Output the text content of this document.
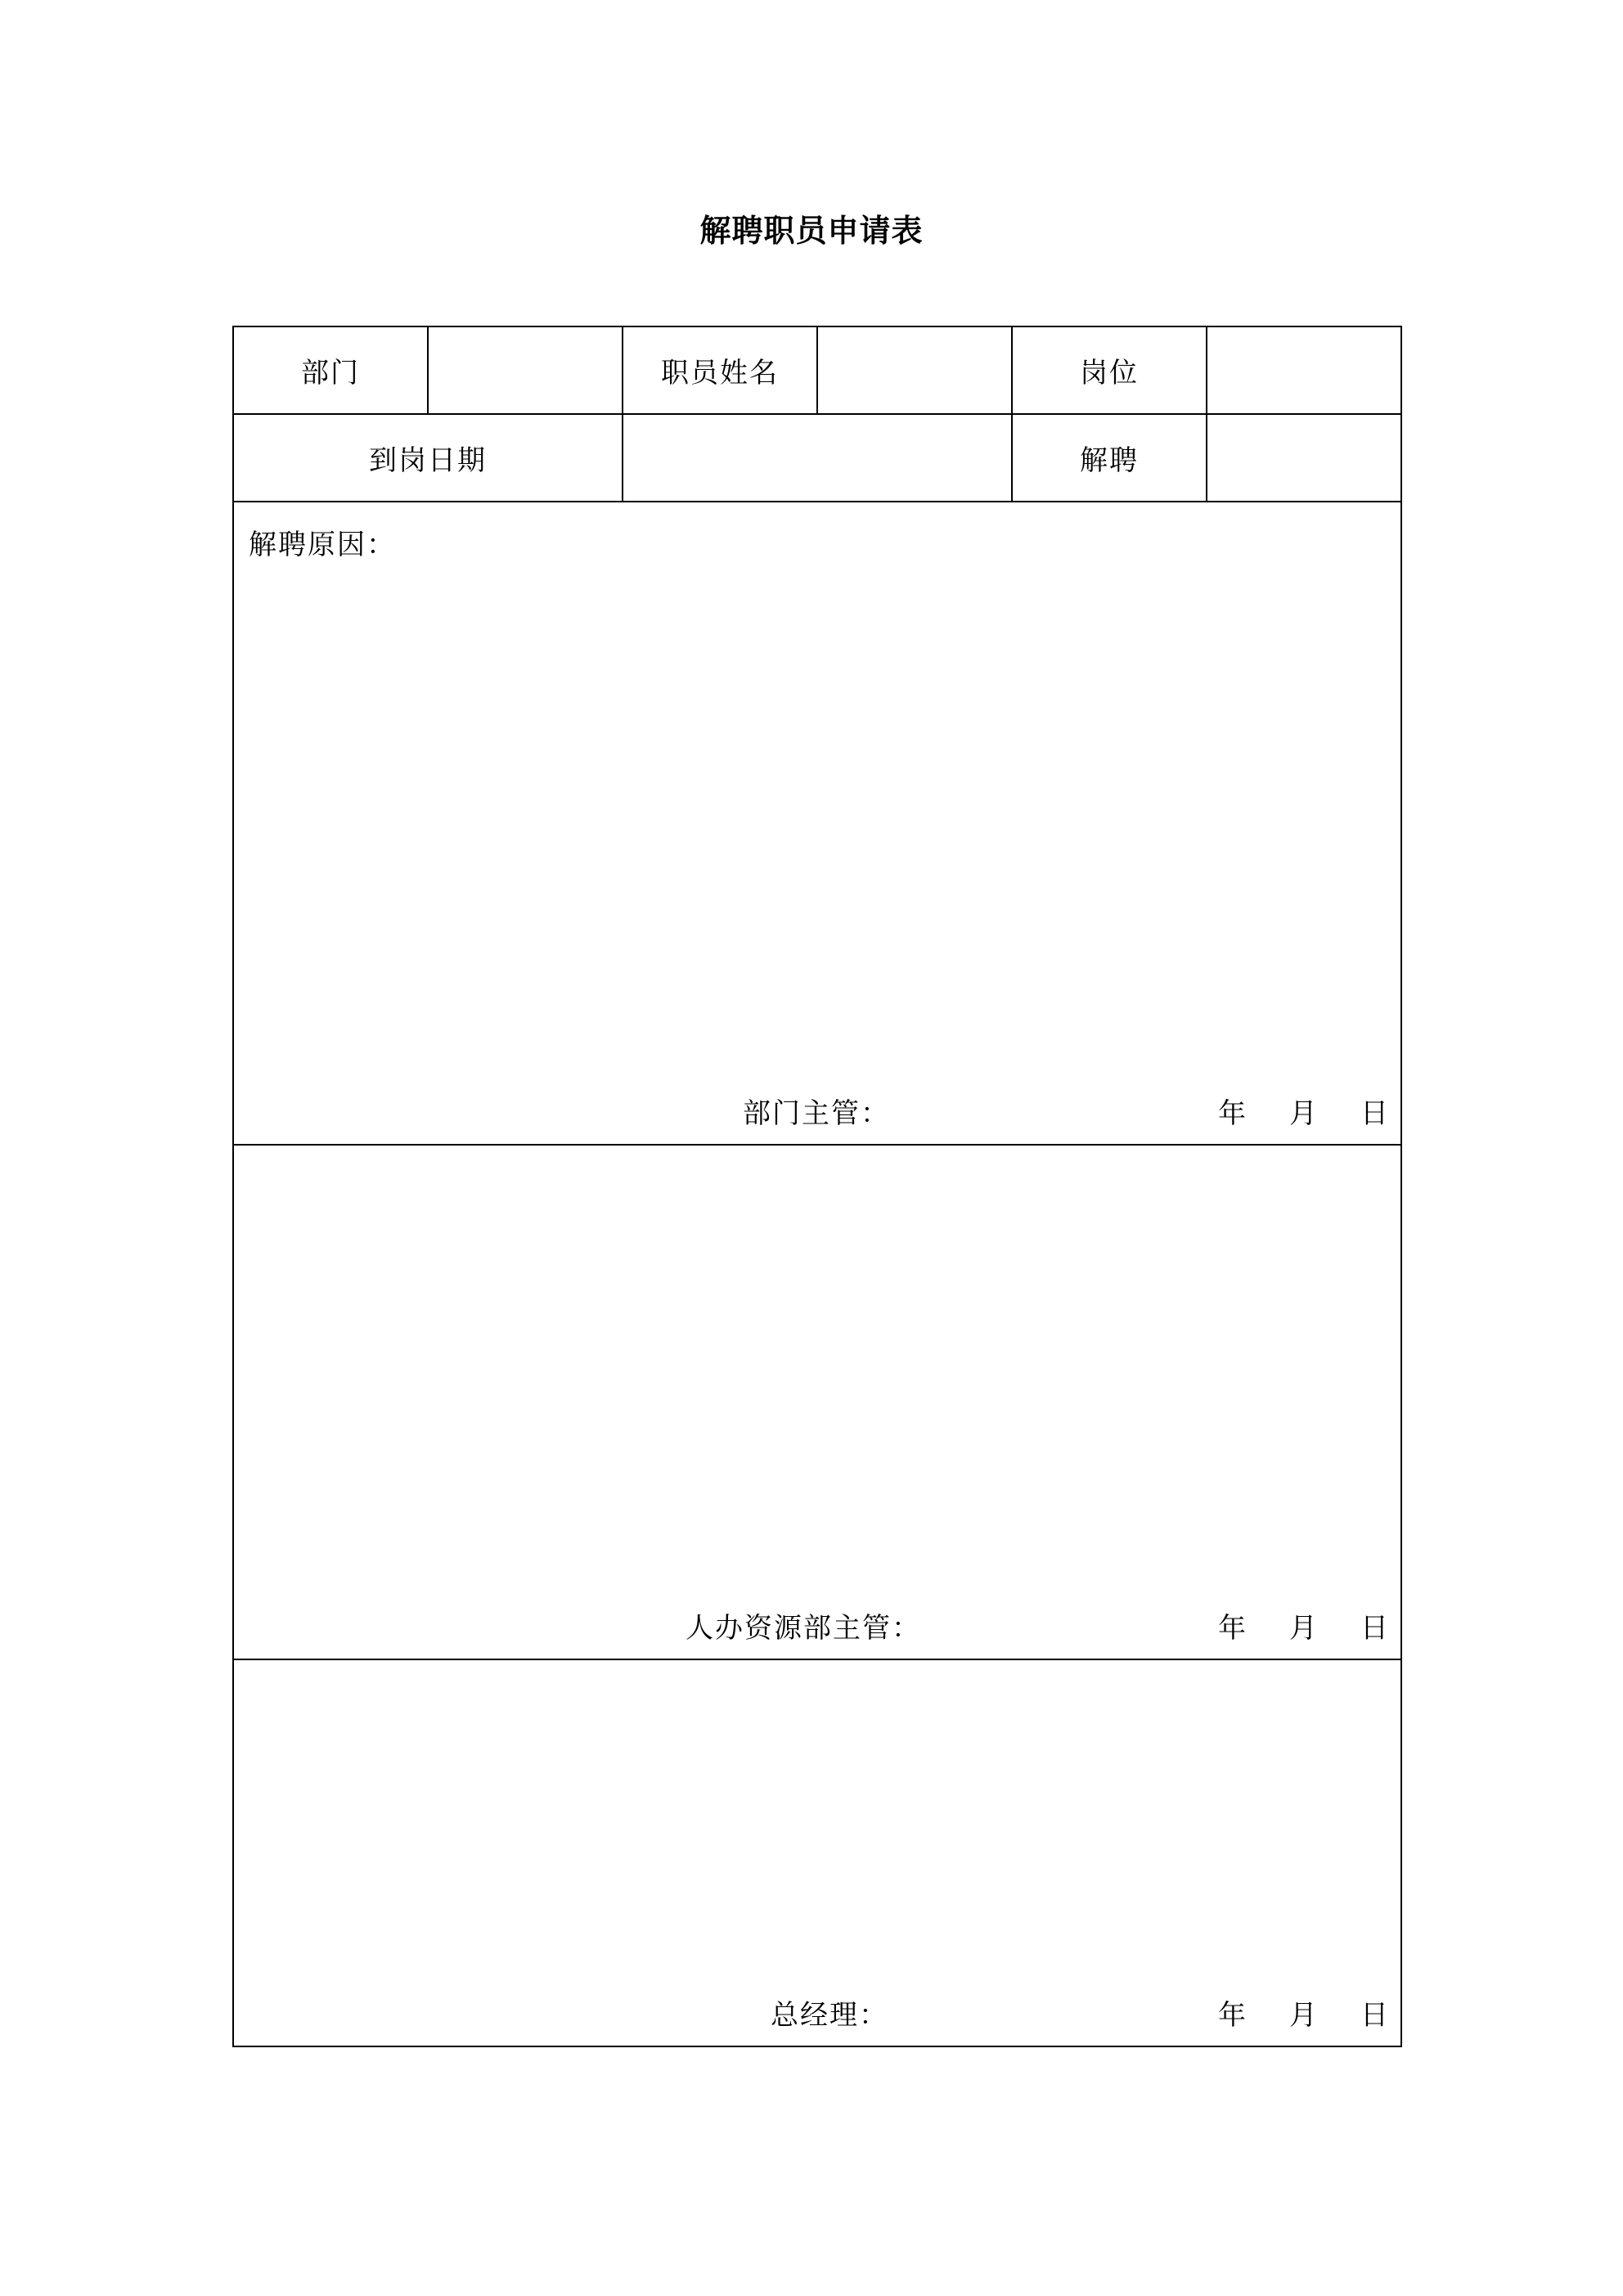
解聘职员申请表
部门	职员姓名	岗位
到岗日期	解聘
解聘原因：
部门主管：	年 月 日
人办资源部主管：	年 月 日
总经理：	年 月 日
